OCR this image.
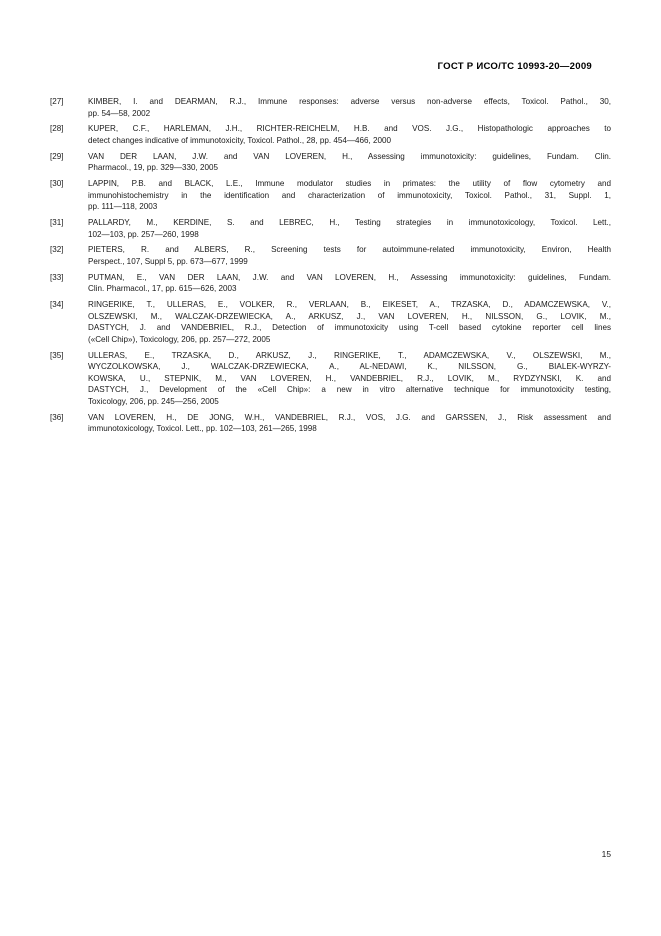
ГОСТ Р ИСО/ТС 10993-20—2009
[27]	KIMBER, I. and DEARMAN, R.J., Immune responses: adverse versus non-adverse effects, Toxicol. Pathol., 30,
pp. 54—58, 2002
[28]	KUPER, C.F., HARLEMAN, J.H., RICHTER-REICHELM, H.B. and VOS. J.G., Histopathologic approaches to
detect changes indicative of immunotoxicity, Toxicol. Pathol., 28, pp. 454—466, 2000
[29]	VAN DER LAAN, J.W. and VAN LOVEREN, H., Assessing immunotoxicity: guidelines, Fundam. Clin.
Pharmacol., 19, pp. 329—330, 2005
[30]	LAPPIN, P.B. and BLACK, L.E., Immune modulator studies in primates: the utility of flow cytometry and
immunohistochemistry in the identification and characterization of immunotoxicity, Toxicol. Pathol., 31, Suppl. 1,
pp. 111—118, 2003
[31]	PALLARDY, M., KERDINE, S. and LEBREC, H., Testing strategies in immunotoxicology, Toxicol. Lett.,
102—103, pp. 257—260, 1998
[32]	PIETERS, R. and ALBERS, R., Screening tests for autoimmune-related immunotoxicity, Environ, Health
Perspect., 107, Suppl 5, pp. 673—677, 1999
[33]	PUTMAN, E., VAN DER LAAN, J.W. and VAN LOVEREN, H., Assessing immunotoxicity: guidelines, Fundam.
Clin. Pharmacol., 17, pp. 615—626, 2003
[34]	RINGERIKE, T., ULLERAS, E., VOLKER, R., VERLAAN, B., EIKESET, A., TRZASKA, D., ADAMCZEWSKA, V.,
OLSZEWSKI, M., WALCZAK-DRZEWIECKA, A., ARKUSZ, J., VAN LOVEREN, H., NILSSON, G., LOVIK, M.,
DASTYCH, J. and VANDEBRIEL, R.J., Detection of immunotoxicity using T-cell based cytokine reporter cell lines
(«Cell Chip»), Toxicology, 206, pp. 257—272, 2005
[35]	ULLERAS, E., TRZASKA, D., ARKUSZ, J., RINGERIKE, T., ADAMCZEWSKA, V., OLSZEWSKI, M.,
WYCZOLKOWSKA, J., WALCZAK-DRZEWIECKA, A., AL-NEDAWI, K., NILSSON, G., BIALEK-WYRZY-
KOWSKA, U., STEPNIK, M., VAN LOVEREN, H., VANDEBRIEL, R.J., LOVIK, M., RYDZYNSKI, K. and
DASTYCH, J., Development of the «Cell Chip»: a new in vitro alternative technique for immunotoxicity testing,
Toxicology, 206, pp. 245—256, 2005
[36]	VAN LOVEREN, H., DE JONG, W.H., VANDEBRIEL, R.J., VOS, J.G. and GARSSEN, J., Risk assessment and
immunotoxicology, Toxicol. Lett., pp. 102—103, 261—265, 1998
15
